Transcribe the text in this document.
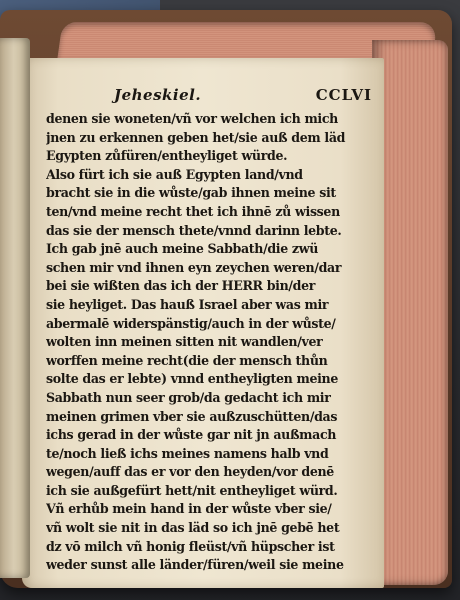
Jeheskiel.	CCLVI
denen sie woneten/vñ vor welchen ich mich
jnen zu erkennen geben het/sie auß dem läd
Egypten zůfüren/entheyliget würde.
Also fürt ich sie auß Egypten land/vnd
bracht sie in die wůste/gab ihnen meine sit
ten/vnd meine recht thet ich ihnē zů wissen
das sie der mensch thete/vnnd darinn lebte.
Ich gab jnē auch meine Sabbath/die zwü
schen mir vnd ihnen eyn zeychen weren/dar
bei sie wißten das ich der HERR bin/der
sie heyliget. Das hauß Israel aber was mir
abermalē widerspänstig/auch in der wůste/
wolten inn meinen sitten nit wandlen/ver
worffen meine recht(die der mensch thůn
solte das er lebte) vnnd entheyligten meine
Sabbath nun seer grob/da gedacht ich mir
meinen grimen vber sie außzuschütten/das
ichs gerad in der wůste gar nit jn außmach
te/noch ließ ichs meines namens halb vnd
wegen/auff das er vor den heyden/vor denē
ich sie außgefürt hett/nit entheyliget würd.
Vñ erhůb mein hand in der wůste vber sie/
vñ wolt sie nit in das läd so ich jnē gebē het
dz vō milch vñ honig fleüst/vñ hüpscher ist
weder sunst alle länder/füren/weil sie meine
